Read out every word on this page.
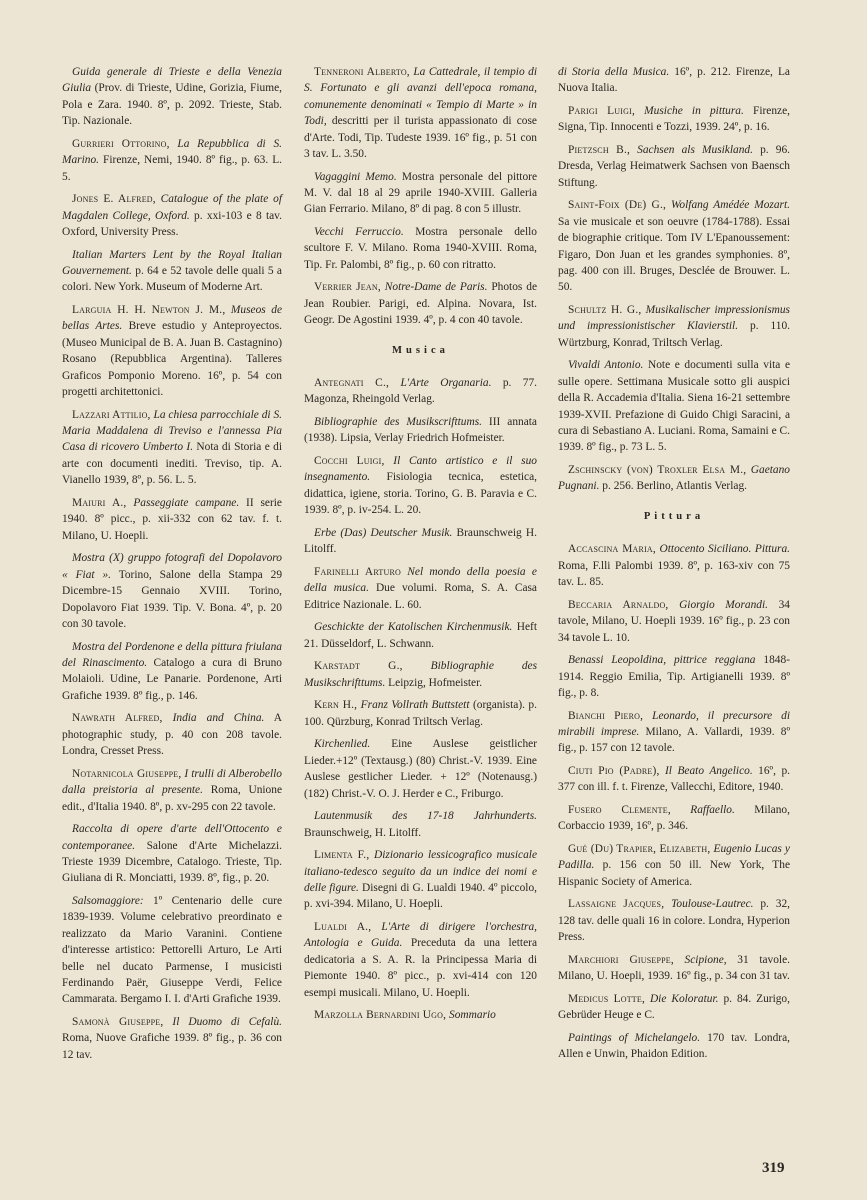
Guida generale di Trieste e della Venezia Giulia (Prov. di Trieste, Udine, Gorizia, Fiume, Pola e Zara. 1940. 8º, p. 2092. Trieste, Stab. Tip. Nazionale.

Gurrieri Ottorino, La Repubblica di S. Marino. Firenze, Nemi, 1940. 8º fig., p. 63. L. 5.

Jones E. Alfred, Catalogue of the plate of Magdalen College, Oxford. p. xxi-103 e 8 tav. Oxford, University Press.

Italian Marters Lent by the Royal Italian Gouvernement. p. 64 e 52 tavole delle quali 5 a colori. New York. Museum of Moderne Art.

Larguia H. H. Newton J. M., Museos de bellas Artes. Breve estudio y Anteproyectos. (Museo Municipal de B. A. Juan B. Castagnino) Rosano (Repubblica Argentina). Talleres Graficos Pomponio Moreno. 16º, p. 54 con progetti architettonici.

Lazzari Attilio, La chiesa parrocchiale di S. Maria Maddalena di Treviso e l'annessa Pia Casa di ricovero Umberto I. Nota di Storia e di arte con documenti inediti. Treviso, tip. A. Vianello 1939, 8º, p. 56. L. 5.

Maiuri A., Passeggiate campane. II serie 1940. 8º picc., p. xii-332 con 62 tav. f. t. Milano, U. Hoepli.

Mostra (X) gruppo fotografi del Dopolavoro « Fiat ». Torino, Salone della Stampa 29 Dicembre-15 Gennaio XVIII. Torino, Dopolavoro Fiat 1939. Tip. V. Bona. 4º, p. 20 con 30 tavole.

Mostra del Pordenone e della pittura friulana del Rinascimento. Catalogo a cura di Bruno Molaioli. Udine, Le Panarie. Pordenone, Arti Grafiche 1939. 8º fig., p. 146.

Nawrath Alfred, India and China. A photographic study, p. 40 con 208 tavole. Londra, Cresset Press.

Notarnicola Giuseppe, I trulli di Alberobello dalla preistoria al presente. Roma, Unione edit., d'Italia 1940. 8º, p. xv-295 con 22 tavole.

Raccolta di opere d'arte dell'Ottocento e contemporanee. Salone d'Arte Michelazzi. Trieste 1939 Dicembre, Catalogo. Trieste, Tip. Giuliana di R. Monciatti, 1939. 8º, fig., p. 20.

Salsomaggiore: 1º Centenario delle cure 1839-1939. Volume celebrativo preordinato e realizzato da Mario Varanini. Contiene d'interesse artistico: Pettorelli Arturo, Le Arti belle nel ducato Parmense, I musicisti Ferdinando Paër, Giuseppe Verdi, Felice Cammarata. Bergamo I. I. d'Arti Grafiche 1939.

Samonà Giuseppe, Il Duomo di Cefalù. Roma, Nuove Grafiche 1939. 8º fig., p. 36 con 12 tav.

Tenneroni Alberto, La Cattedrale, il tempio di S. Fortunato e gli avanzi dell'epoca romana, comunemente denominati « Tempio di Marte » in Todi, descritti per il turista appassionato di cose d'Arte. Todi, Tip. Tudeste 1939. 16º fig., p. 51 con 3 tav. L. 3.50.

Vagaggini Memo. Mostra personale del pittore M. V. dal 18 al 29 aprile 1940-XVIII. Galleria Gian Ferrario. Milano, 8º di pag. 8 con 5 illustr.

Vecchi Ferruccio. Mostra personale dello scultore F. V. Milano. Roma 1940-XVIII. Roma, Tip. Fr. Palombi, 8º fig., p. 60 con ritratto.

Verrier Jean, Notre-Dame de Paris. Photos de Jean Roubier. Parigi, ed. Alpina. Novara, Ist. Geogr. De Agostini 1939. 4º, p. 4 con 40 tavole.

Musica

Antegnati C., L'Arte Organaria. p. 77. Magonza, Rheingold Verlag.

Bibliographie des Musikscrifttums. III annata (1938). Lipsia, Verlay Friedrich Hofmeister.

Cocchi Luigi, Il Canto artistico e il suo insegnamento. Fisiologia tecnica, estetica, didattica, igiene, storia. Torino, G. B. Paravia e C. 1939. 8º, p. iv-254. L. 20.

Erbe (Das) Deutscher Musik. Braunschweig H. Litolff.

Farinelli Arturo Nel mondo della poesia e della musica. Due volumi. Roma, S. A. Casa Editrice Nazionale. L. 60.

Geschickte der Katolischen Kirchenmusik. Heft 21. Düsseldorf, L. Schwann.

Karstadt G., Bibliographie des Musikschrifttums. Leipzig, Hofmeister.

Kern H., Franz Vollrath Buttstett (organista). p. 100. Qürzburg, Konrad Triltsch Verlag.

Kirchenlied. Eine Auslese geistlicher Lieder.+12º (Textausg.) (80) Christ.-V. 1939. Eine Auslese gestlicher Lieder. + 12º (Notenausg.) (182) Christ.-V. O. J. Herder e C., Friburgo.

Lautenmusik des 17-18 Jahrhunderts. Braunschweig, H. Litolff.

Limenta F., Dizionario lessicografico musicale italiano-tedesco seguito da un indice dei nomi e delle figure. Disegni di G. Lualdi 1940. 4º piccolo, p. xvi-394. Milano, U. Hoepli.

Lualdi A., L'Arte di dirigere l'orchestra, Antologia e Guida. Preceduta da una lettera dedicatoria a S. A. R. la Principessa Maria di Piemonte 1940. 8º picc., p. xvi-414 con 120 esempi musicali. Milano, U. Hoepli.

Marzolla Bernardini Ugo, Sommario

di Storia della Musica. 16º, p. 212. Firenze, La Nuova Italia.

Parigi Luigi, Musiche in pittura. Firenze, Signa, Tip. Innocenti e Tozzi, 1939. 24º, p. 16.

Pietzsch B., Sachsen als Musikland. p. 96. Dresda, Verlag Heimatwerk Sachsen von Baensch Stiftung.

Saint-Foix (De) G., Wolfang Amédée Mozart. Sa vie musicale et son oeuvre (1784-1788). Essai de biographie critique. Tom IV L'Epanoussement: Figaro, Don Juan et les grandes symphonies. 8º, pag. 400 con ill. Bruges, Desclée de Brouwer. L. 50.

Schultz H. G., Musikalischer impressionismus und impressionistischer Klavierstil. p. 110. Würtzburg, Konrad, Triltsch Verlag.

Vivaldi Antonio. Note e documenti sulla vita e sulle opere. Settimana Musicale sotto gli auspici della R. Accademia d'Italia. Siena 16-21 settembre 1939-XVII. Prefazione di Guido Chigi Saracini, a cura di Sebastiano A. Luciani. Roma, Samaini e C. 1939. 8º fig., p. 73 L. 5.

Zschinscky (von) Troxler Elsa M., Gaetano Pugnani. p. 256. Berlino, Atlantis Verlag.

Pittura

Accascina Maria, Ottocento Siciliano. Pittura. Roma, F.lli Palombi 1939. 8º, p. 163-xiv con 75 tav. L. 85.

Beccaria Arnaldo, Giorgio Morandi. 34 tavole, Milano, U. Hoepli 1939. 16º fig., p. 23 con 34 tavole L. 10.

Benassi Leopoldina, pittrice reggiana 1848-1914. Reggio Emilia, Tip. Artigianelli 1939. 8º fig., p. 8.

Bianchi Piero, Leonardo, il precursore di mirabili imprese. Milano, A. Vallardi, 1939. 8º fig., p. 157 con 12 tavole.

Ciuti Pio (Padre), Il Beato Angelico. 16º, p. 377 con ill. f. t. Firenze, Vallecchi, Editore, 1940.

Fusero Clemente, Raffaello. Milano, Corbaccio 1939, 16º, p. 346.

Gué (Du) Trapier, Elizabeth, Eugenio Lucas y Padilla. p. 156 con 50 ill. New York, The Hispanic Society of America.

Lassaigne Jacques, Toulouse-Lautrec. p. 32, 128 tav. delle quali 16 in colore. Londra, Hyperion Press.

Marchiori Giuseppe, Scipione, 31 tavole. Milano, U. Hoepli, 1939. 16º fig., p. 34 con 31 tav.

Medicus Lotte, Die Koloratur. p. 84. Zurigo, Gebrüder Heuge e C.

Paintings of Michelangelo. 170 tav. Londra, Allen e Unwin, Phaidon Edition.

319
